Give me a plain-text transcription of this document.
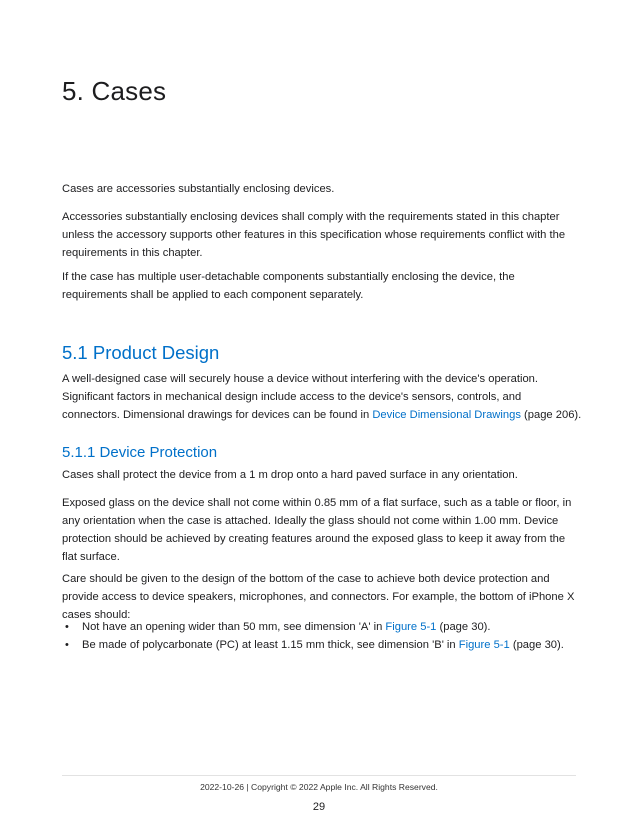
5. Cases

Cases are accessories substantially enclosing devices.

Accessories substantially enclosing devices shall comply with the requirements stated in this chapter unless the accessory supports other features in this specification whose requirements conflict with the requirements in this chapter.

If the case has multiple user-detachable components substantially enclosing the device, the requirements shall be applied to each component separately.

5.1 Product Design

A well-designed case will securely house a device without interfering with the device's operation. Significant factors in mechanical design include access to the device's sensors, controls, and connectors. Dimensional drawings for devices can be found in Device Dimensional Drawings (page 206).

5.1.1 Device Protection

Cases shall protect the device from a 1 m drop onto a hard paved surface in any orientation.

Exposed glass on the device shall not come within 0.85 mm of a flat surface, such as a table or floor, in any orientation when the case is attached. Ideally the glass should not come within 1.00 mm. Device protection should be achieved by creating features around the exposed glass to keep it away from the flat surface.

Care should be given to the design of the bottom of the case to achieve both device protection and provide access to device speakers, microphones, and connectors. For example, the bottom of iPhone X cases should:

• Not have an opening wider than 50 mm, see dimension 'A' in Figure 5-1 (page 30).
• Be made of polycarbonate (PC) at least 1.15 mm thick, see dimension 'B' in Figure 5-1 (page 30).
2022-10-26 | Copyright © 2022 Apple Inc. All Rights Reserved.
29
